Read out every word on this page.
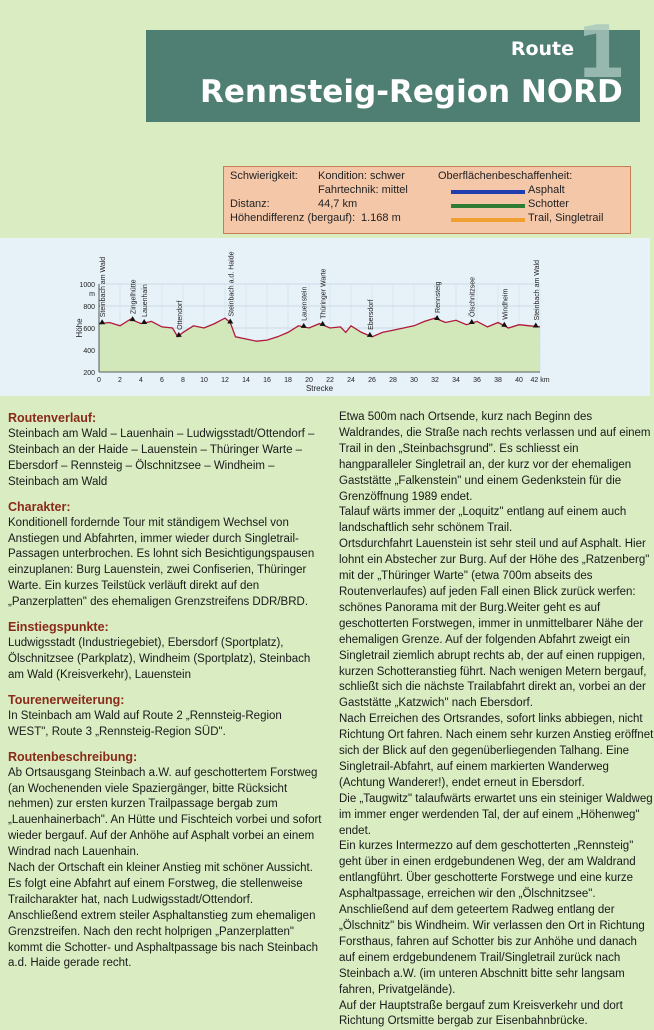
1
Route
Rennsteig-Region NORD
Schwierigkeit: Kondition: schwer
Fahrtechnik: mittel
Distanz:	44,7 km
Höhendifferenz (bergauf): 1.168 m
Oberflächenbeschaffenheit:
Asphalt
Schotter
Trail, Singletrail
200
400
600
800
1000
m
0 2 4 6 8 10 12 14 16 18 20 22 24 26 28 30 32 34 36 38 40 42 km
Strecke
Höhe
Steinbach am Wald	Zingelhütte Lauenhain	Ottendorf	Steinbach a.d. Haide	Lauenstein Thüringer Warte	Ebersdorf
Rennsteig	Ölschnitzsee	Windheim	Steinbach am Wald

Routenverlauf:

Steinbach am Wald – Lauenhain – Ludwigsstadt/Ottendorf – Steinbach an der Haide – Lauenstein – Thüringer Warte – Ebersdorf – Rennsteig – Ölschnitzsee – Windheim – Steinbach am Wald

Charakter:

Konditionell fordernde Tour mit ständigem Wechsel von Anstiegen und Abfahrten, immer wieder durch Singletrail-Passagen unterbrochen. Es lohnt sich Besichtigungspausen einzuplanen: Burg Lauenstein, zwei Confiserien, Thüringer Warte. Ein kurzes Teilstück verläuft direkt auf den „Panzerplatten" des ehemaligen Grenzstreifens DDR/BRD.

Einstiegspunkte:

Ludwigsstadt (Industriegebiet), Ebersdorf (Sportplatz), Ölschnitzsee (Parkplatz), Windheim (Sportplatz), Steinbach am Wald (Kreisverkehr), Lauenstein

Tourenerweiterung:

In Steinbach am Wald auf Route 2 „Rennsteig-Region WEST", Route 3 „Rennsteig-Region SÜD".

Routenbeschreibung:

Ab Ortsausgang Steinbach a.W. auf geschottertem Forstweg (an Wochenenden viele Spaziergänger, bitte Rücksicht nehmen) zur ersten kurzen Trailpassage bergab zum „Lauenhainerbach". An Hütte und Fischteich vorbei und sofort wieder bergauf. Auf der Anhöhe auf Asphalt vorbei an einem Windrad nach Lauenhain.

Nach der Ortschaft ein kleiner Anstieg mit schöner Aussicht. Es folgt eine Abfahrt auf einem Forstweg, die stellenweise Trailcharakter hat, nach Ludwigsstadt/Ottendorf.

Anschließend extrem steiler Asphaltanstieg zum ehemaligen Grenzstreifen. Nach den recht holprigen „Panzerplatten" kommt die Schotter- und Asphaltpassage bis nach Steinbach a.d. Haide gerade recht.

Etwa 500m nach Ortsende, kurz nach Beginn des Waldrandes, die Straße nach rechts verlassen und auf einem Trail in den „Steinbachsgrund". Es schliesst ein hangparalleler Singletrail an, der kurz vor der ehemaligen Gaststätte „Falkenstein" und einem Gedenkstein für die Grenzöffnung 1989 endet.

Talauf wärts immer der „Loquitz" entlang auf einem auch landschaftlich sehr schönem Trail.

Ortsdurchfahrt Lauenstein ist sehr steil und auf Asphalt. Hier lohnt ein Abstecher zur Burg. Auf der Höhe des „Ratzenberg" mit der „Thüringer Warte" (etwa 700m abseits des Routenverlaufes) auf jeden Fall einen Blick zurück werfen: schönes Panorama mit der Burg.Weiter geht es auf geschotterten Forstwegen, immer in unmittelbarer Nähe der ehemaligen Grenze. Auf der folgenden Abfahrt zweigt ein Singletrail ziemlich abrupt rechts ab, der auf einen ruppigen, kurzen Schotteranstieg führt. Nach wenigen Metern bergauf, schließt sich die nächste Trailabfahrt direkt an, vorbei an der Gaststätte „Katzwich" nach Ebersdorf.

Nach Erreichen des Ortsrandes, sofort links abbiegen, nicht Richtung Ort fahren. Nach einem sehr kurzen Anstieg eröffnet sich der Blick auf den gegenüberliegenden Talhang. Eine Singletrail-Abfahrt, auf einem markierten Wanderweg (Achtung Wanderer!), endet erneut in Ebersdorf.

Die „Taugwitz" talaufwärts erwartet uns ein steiniger Waldweg im immer enger werdenden Tal, der auf einem „Höhenweg" endet.

Ein kurzes Intermezzo auf dem geschotterten „Rennsteig" geht über in einen erdgebundenen Weg, der am Waldrand entlangführt. Über geschotterte Forstwege und eine kurze Asphaltpassage, erreichen wir den „Ölschnitzsee".

Anschließend auf dem geteertem Radweg entlang der „Ölschnitz" bis Windheim. Wir verlassen den Ort in Richtung Forsthaus, fahren auf Schotter bis zur Anhöhe und danach auf einem erdgebundenem Trail/Singletrail zurück nach Steinbach a.W. (im unteren Abschnitt bitte sehr langsam fahren, Privatgelände).

Auf der Hauptstraße bergauf zum Kreisverkehr und dort Richtung Ortsmitte bergab zur Eisenbahnbrücke.
